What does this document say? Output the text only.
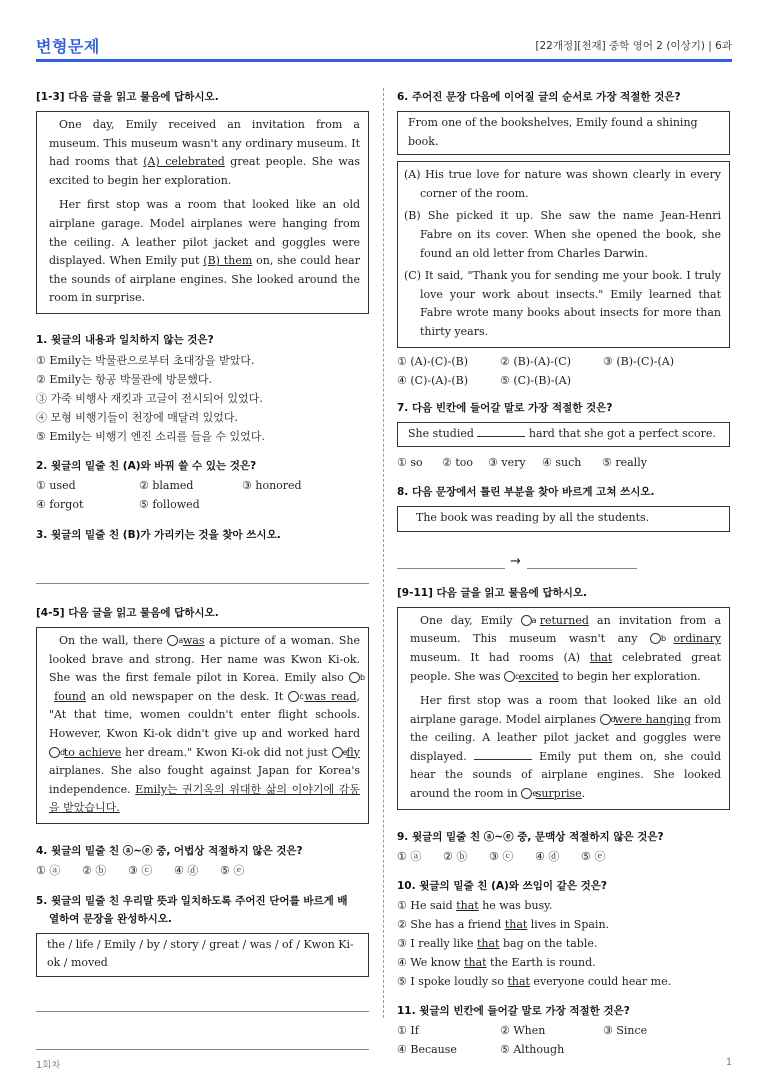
변형문제	[22개정][천재] 중학 영어 2 (이상기) | 6과
[1-3] 다음 글을 읽고 물음에 답하시오.

One day, Emily received an invitation from a museum. This museum wasn't any ordinary museum. It had rooms that (A) celebrated great people. She was excited to begin her exploration.

Her first stop was a room that looked like an old airplane garage. Model airplanes were hanging from the ceiling. A leather pilot jacket and goggles were displayed. When Emily put (B) them on, she could hear the sounds of airplane engines. She looked around the room in surprise.

1. 윗글의 내용과 일치하지 않는 것은?
① Emily는 박물관으로부터 초대장을 받았다.
② Emily는 항공 박물관에 방문했다.
③ 가죽 비행사 재킷과 고글이 전시되어 있었다.
④ 모형 비행기들이 천장에 매달려 있었다.
⑤ Emily는 비행기 엔진 소리를 들을 수 있었다.
2. 윗글의 밑줄 친 (A)와 바꿔 쓸 수 있는 것은?
① used	② blamed	③ honored
④ forgot	⑤ followed
3. 윗글의 밑줄 친 (B)가 가리키는 것을 찾아 쓰시오.
[4-5] 다음 글을 읽고 물음에 답하시오.

On the wall, there a was a picture of a woman. She looked brave and strong. Her name was Kwon Ki-ok. She was the first female pilot in Korea. Emily also b found an old newspaper on the desk. It c was read, "At that time, women couldn't enter flight schools. However, Kwon Ki-ok didn't give up and worked hard d to achieve her dream." Kwon Ki-ok did not just e fly airplanes. She also fought against Japan for Korea's independence. Emily는 권기옥의 위대한 삶의 이야기에 감동을 받았습니다.

4. 윗글의 밑줄 친 ⓐ~ⓔ 중, 어법상 적절하지 않은 것은?
① ⓐ	② ⓑ	③ ⓒ	④ ⓓ	⑤ ⓔ
5. 윗글의 밑줄 친 우리말 뜻과 일치하도록 주어진 단어를 바르게 배
열하여 문장을 완성하시오.
the / life / Emily / by / story / great / was / of / Kwon Ki-ok / moved
6. 주어진 문장 다음에 이어질 글의 순서로 가장 적절한 것은?
From one of the bookshelves, Emily found a shining book.
(A) His true love for nature was shown clearly in every corner of the room.
(B) She picked it up. She saw the name Jean-Henri Fabre on its cover. When she opened the book, she found an old letter from Charles Darwin.
(C) It said, "Thank you for sending me your book. I truly love your work about insects." Emily learned that Fabre wrote many books about insects for more than thirty years.
① (A)-(C)-(B)	② (B)-(A)-(C)	③ (B)-(C)-(A)
④ (C)-(A)-(B)	⑤ (C)-(B)-(A)
7. 다음 빈칸에 들어갈 말로 가장 적절한 것은?
She studied	hard that she got a perfect score.
① so	② too	③ very	④ such	⑤ really
8. 다음 문장에서 틀린 부분을 찾아 바르게 고쳐 쓰시오.
The book was reading by all the students.
→
[9-11] 다음 글을 읽고 물음에 답하시오.

One day, Emily a returned an invitation from a museum. This museum wasn't any b ordinary museum. It had rooms (A) that celebrated great people. She was c excited to begin her exploration.

Her first stop was a room that looked like an old airplane garage. Model airplanes d were hanging from the ceiling. A leather pilot jacket and goggles were displayed.	Emily put them on, she could hear the sounds of airplane engines. She looked around the room in e surprise.

9. 윗글의 밑줄 친 ⓐ~ⓔ 중, 문맥상 적절하지 않은 것은?
① ⓐ	② ⓑ	③ ⓒ	④ ⓓ	⑤ ⓔ
10. 윗글의 밑줄 친 (A)와 쓰임이 같은 것은?
① He said that he was busy.
② She has a friend that lives in Spain.
③ I really like that bag on the table.
④ We know that the Earth is round.
⑤ I spoke loudly so that everyone could hear me.
11. 윗글의 빈칸에 들어갈 말로 가장 적절한 것은?
① If	② When	③ Since
④ Because	⑤ Although
1회차	1
